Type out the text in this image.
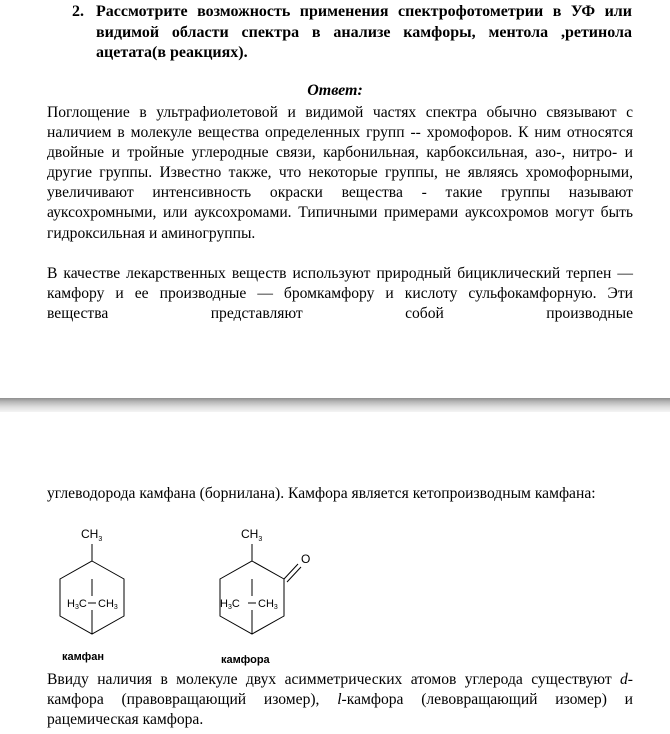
2. Рассмотрите возможность применения спектрофотометрии в УФ или видимой области спектра в анализе камфоры, ментола ,ретинола ацетата(в реакциях).
Ответ:
Поглощение в ультрафиолетовой и видимой частях спектра обычно связывают с наличием в молекуле вещества определенных групп -- хромофоров. К ним относятся двойные и тройные углеродные связи, карбонильная, карбоксильная, азо-, нитро- и другие группы. Известно также, что некоторые группы, не являясь хромофорными, увеличивают интенсивность окраски вещества - такие группы называют ауксохромными, или ауксохромами. Типичными примерами ауксохромов могут быть гидроксильная и аминогруппы.
В качестве лекарственных веществ используют природный бициклический терпен — камфору и ее производные — бромкамфору и кислоту сульфокамфорную. Эти вещества представляют собой производные
углеводорода камфана (борнилана). Камфора является кетопроизводным камфана:
$CH_3$
H3C CH3
камфан
$CH_3$
O
H3C CH3
камфора
Ввиду наличия в молекуле двух асимметрических атомов углерода существуют d-камфора (правовращающий изомер), l-камфора (левовращающий изомер) и рацемическая камфора.
